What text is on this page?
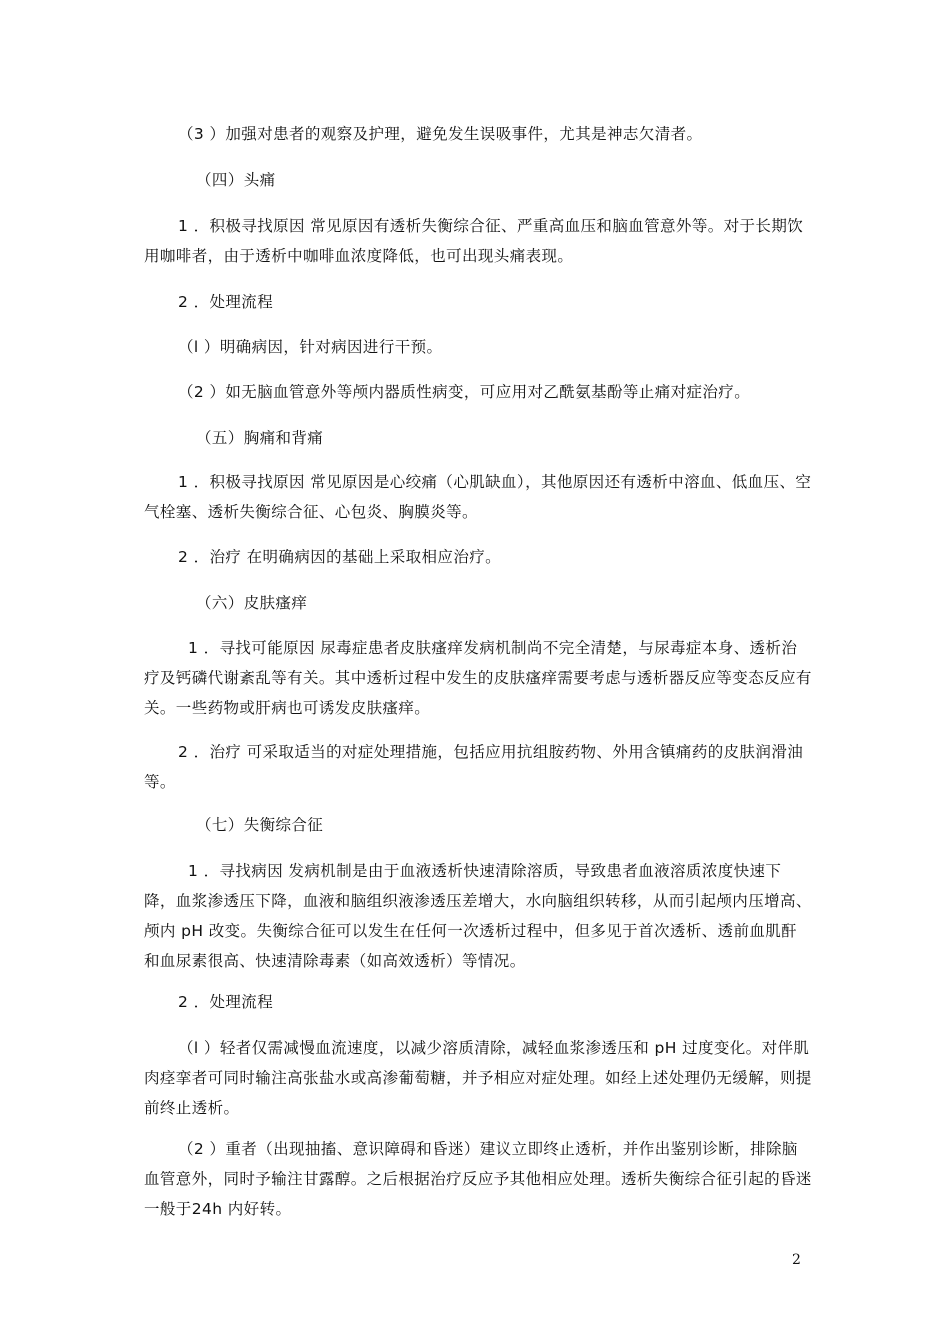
（3 ）加强对患者的观察及护理，避免发生误吸事件，尤其是神志欠清者。

（四）头痛

1 ．积极寻找原因 常见原因有透析失衡综合征、严重高血压和脑血管意外等。对于长期饮用咖啡者，由于透析中咖啡血浓度降低，也可出现头痛表现。

2 ．处理流程

（l ）明确病因，针对病因进行干预。

（2 ）如无脑血管意外等颅内器质性病变，可应用对乙酰氨基酚等止痛对症治疗。

（五）胸痛和背痛

1 ．积极寻找原因 常见原因是心绞痛（心肌缺血），其他原因还有透析中溶血、低血压、空气栓塞、透析失衡综合征、心包炎、胸膜炎等。

2 ．治疗 在明确病因的基础上采取相应治疗。

（六）皮肤瘙痒

1 ．寻找可能原因 尿毒症患者皮肤瘙痒发病机制尚不完全清楚，与尿毒症本身、透析治疗及钙磷代谢紊乱等有关。其中透析过程中发生的皮肤瘙痒需要考虑与透析器反应等变态反应有关。一些药物或肝病也可诱发皮肤瘙痒。

2 ．治疗 可采取适当的对症处理措施，包括应用抗组胺药物、外用含镇痛药的皮肤润滑油等。

（七）失衡综合征

1 ．寻找病因 发病机制是由于血液透析快速清除溶质，导致患者血液溶质浓度快速下降，血浆渗透压下降，血液和脑组织液渗透压差增大，水向脑组织转移，从而引起颅内压增高、颅内 pH 改变。失衡综合征可以发生在任何一次透析过程中，但多见于首次透析、透前血肌酐和血尿素很高、快速清除毒素（如高效透析）等情况。

2 ．处理流程

（l ）轻者仅需减慢血流速度，以减少溶质清除，减轻血浆渗透压和 pH 过度变化。对伴肌肉痉挛者可同时输注高张盐水或高渗葡萄糖，并予相应对症处理。如经上述处理仍无缓解，则提前终止透析。

（2 ）重者（出现抽搐、意识障碍和昏迷）建议立即终止透析，并作出鉴别诊断，排除脑血管意外，同时予输注甘露醇。之后根据治疗反应予其他相应处理。透析失衡综合征引起的昏迷一般于24h 内好转。

2
